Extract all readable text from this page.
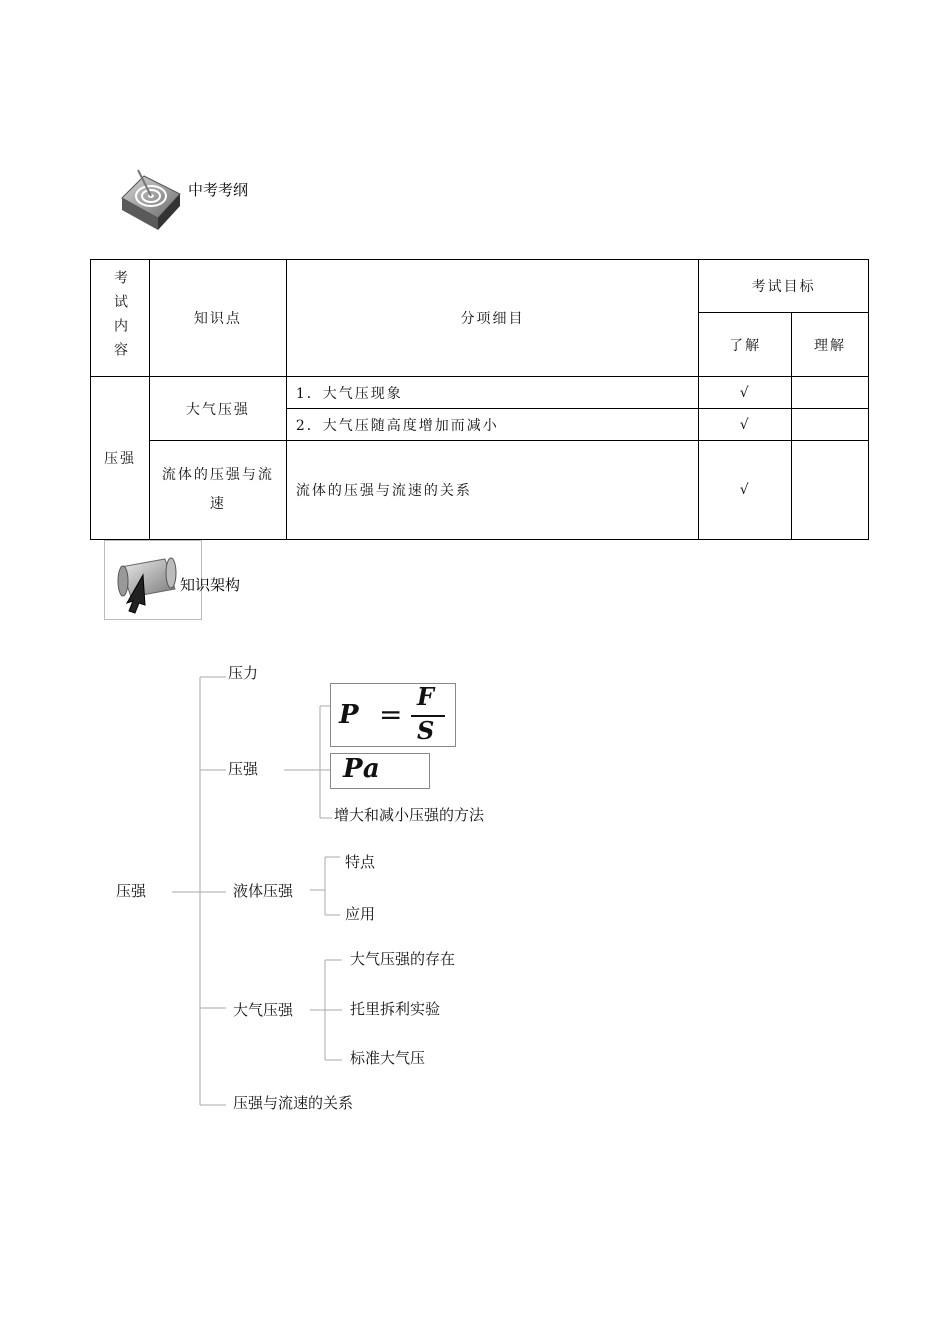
中考考纲
考试内容	知识点	分项细目	考试目标	
			了解	理解
压强	大气压强	1．大气压现象	√	
		2．大气压随高度增加而减小	√	

	流体的压强与流速	流体的压强与流速的关系	√	
知识架构
压强
压力
压强
P =
F
S
Pa
增大和减小压强的方法
液体压强
特点
应用
大气压强
大气压强的存在
托里拆利实验
标准大气压
压强与流速的关系
